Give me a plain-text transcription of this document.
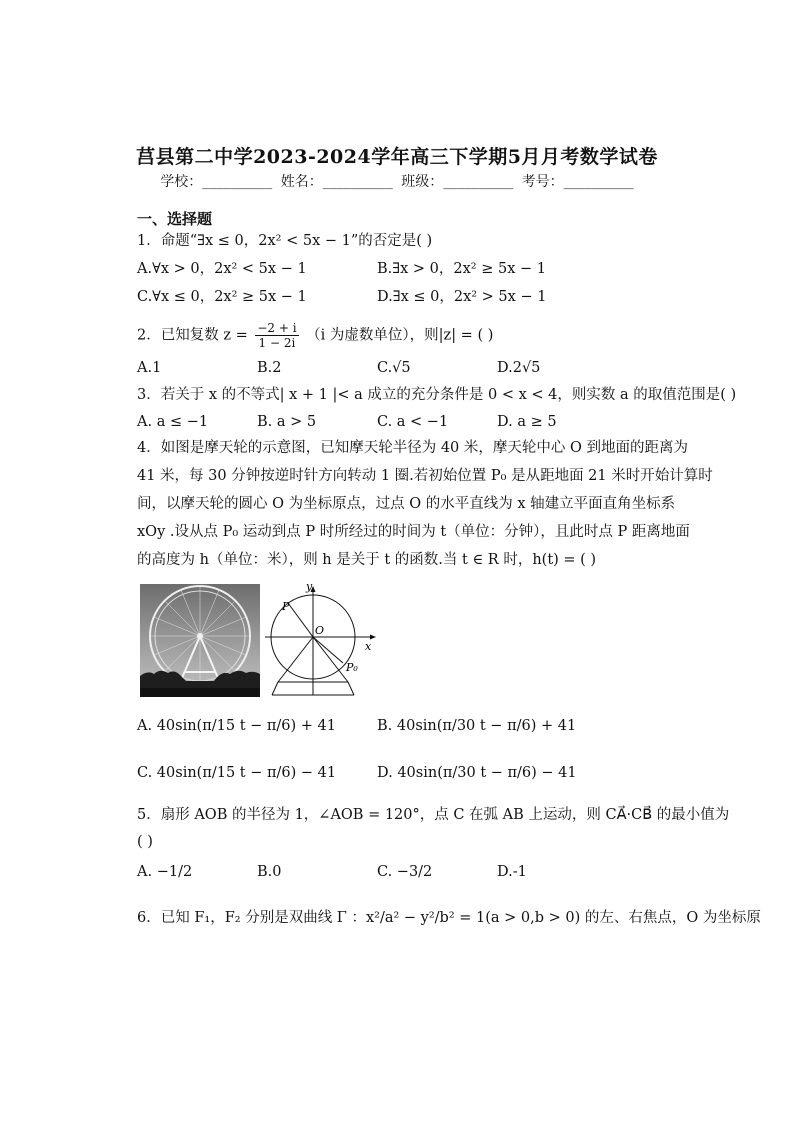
莒县第二中学2023-2024学年高三下学期5月月考数学试卷
学校：__________ 姓名：__________ 班级：__________ 考号：__________
一、选择题
1．命题“∃x ≤ 0，2x² < 5x − 1”的否定是( )
A.∀x > 0，2x² < 5x − 1	B.∃x > 0，2x² ≥ 5x − 1
C.∀x ≤ 0，2x² ≥ 5x − 1	D.∃x ≤ 0，2x² > 5x − 1
2．已知复数 $z = \frac{-2 + i}{1 - 2i} (i$ 为虚数单位），则|z| = ( )
A.1	B.2	C.√5	D.2√5
3．若关于 x 的不等式| x + 1 |< a 成立的充分条件是 0 < x < 4，则实数 a 的取值范围是( )
A. a ≤ −1	B. a > 5	C. a < −1	D. a ≥ 5
4．如图是摩天轮的示意图，已知摩天轮半径为 40 米，摩天轮中心 O 到地面的距离为
41 米，每 30 分钟按逆时针方向转动 1 圈.若初始位置 P₀ 是从距地面 21 米时开始计算时
间，以摩天轮的圆心 O 为坐标原点，过点 O 的水平直线为 x 轴建立平面直角坐标系
xOy .设从点 P₀ 运动到点 P 时所经过的时间为 t（单位：分钟），且此时点 P 距离地面
的高度为 h（单位：米），则 h 是关于 t 的函数.当 t ∈ R 时，h(t) = ( )
y
x
O
P
P₀
A. 40sin(π/15 t − π/6) + 41	B. 40sin(π/30 t − π/6) + 41
C. 40sin(π/15 t − π/6) − 41	D. 40sin(π/30 t − π/6) − 41
5．扇形 AOB 的半径为 1，∠AOB = 120°，点 C 在弧 AB 上运动，则 CA⃗·CB⃗ 的最小值为
( )
A. −1/2	B.0	C. −3/2	D.-1
6．已知 F₁，F₂ 分别是双曲线 Γ ：x²/a² − y²/b² = 1(a > 0,b > 0) 的左、右焦点，O 为坐标原
